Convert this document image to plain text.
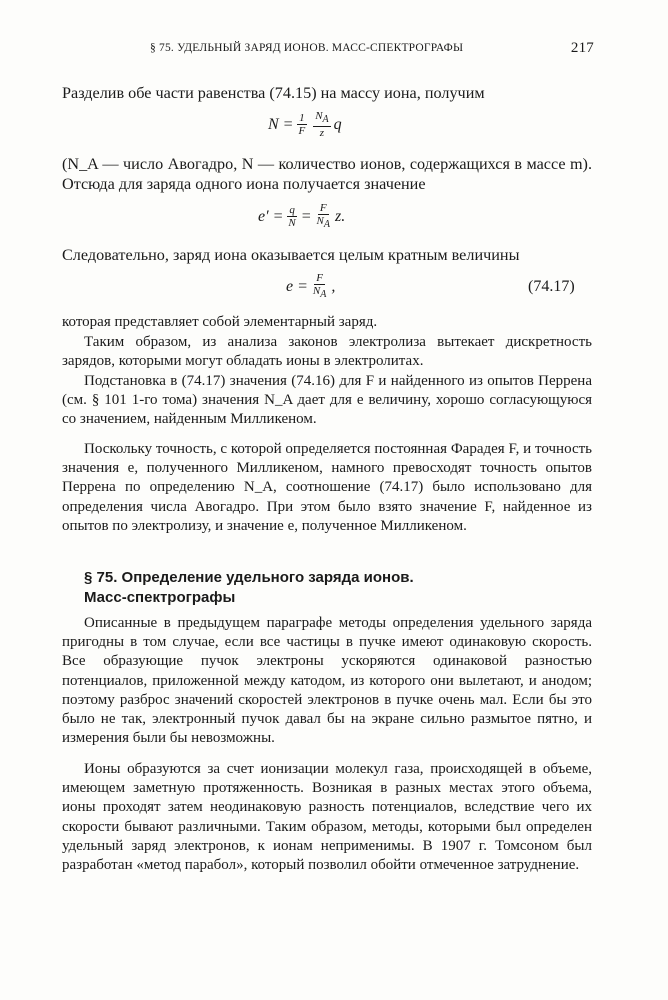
§ 75. УДЕЛЬНЫЙ ЗАРЯД ИОНОВ. МАСС-СПЕКТРОГРАФЫ	217
Разделив обе части равенства (74.15) на массу иона, получим
$N = \frac{1}{F} \frac{N_A}{z}$ q
(N_A — число Авогадро, N — количество ионов, содержащихся в массе m). Отсюда для заряда одного иона получается значение
$e' = \frac{q}{N} = \frac{F}{N_A} z$.
Следовательно, заряд иона оказывается целым кратным величины
$e = \frac{F}{N_A}$ ,	(74.17)
которая представляет собой элементарный заряд.
Таким образом, из анализа законов электролиза вытекает дискретность зарядов, которыми могут обладать ионы в электролитах.
Подстановка в (74.17) значения (74.16) для F и найденного из опытов Перрена (см. § 101 1-го тома) значения N_A дает для e величину, хорошо согласующуюся со значением, найденным Милликеном.
Поскольку точность, с которой определяется постоянная Фарадея F, и точность значения e, полученного Милликеном, намного превосходят точность опытов Перрена по определению N_A, соотношение (74.17) было использовано для определения числа Авогадро. При этом было взято значение F, найденное из опытов по электролизу, и значение e, полученное Милликеном.
§ 75. Определение удельного заряда ионов.
Масс-спектрографы
Описанные в предыдущем параграфе методы определения удельного заряда пригодны в том случае, если все частицы в пучке имеют одинаковую скорость. Все образующие пучок электроны ускоряются одинаковой разностью потенциалов, приложенной между катодом, из которого они вылетают, и анодом; поэтому разброс значений скоростей электронов в пучке очень мал. Если бы это было не так, электронный пучок давал бы на экране сильно размытое пятно, и измерения были бы невозможны.
Ионы образуются за счет ионизации молекул газа, происходящей в объеме, имеющем заметную протяженность. Возникая в разных местах этого объема, ионы проходят затем неодинаковую разность потенциалов, вследствие чего их скорости бывают различными. Таким образом, методы, которыми был определен удельный заряд электронов, к ионам неприменимы. В 1907 г. Томсоном был разработан «метод парабол», который позволил обойти отмеченное затруднение.
